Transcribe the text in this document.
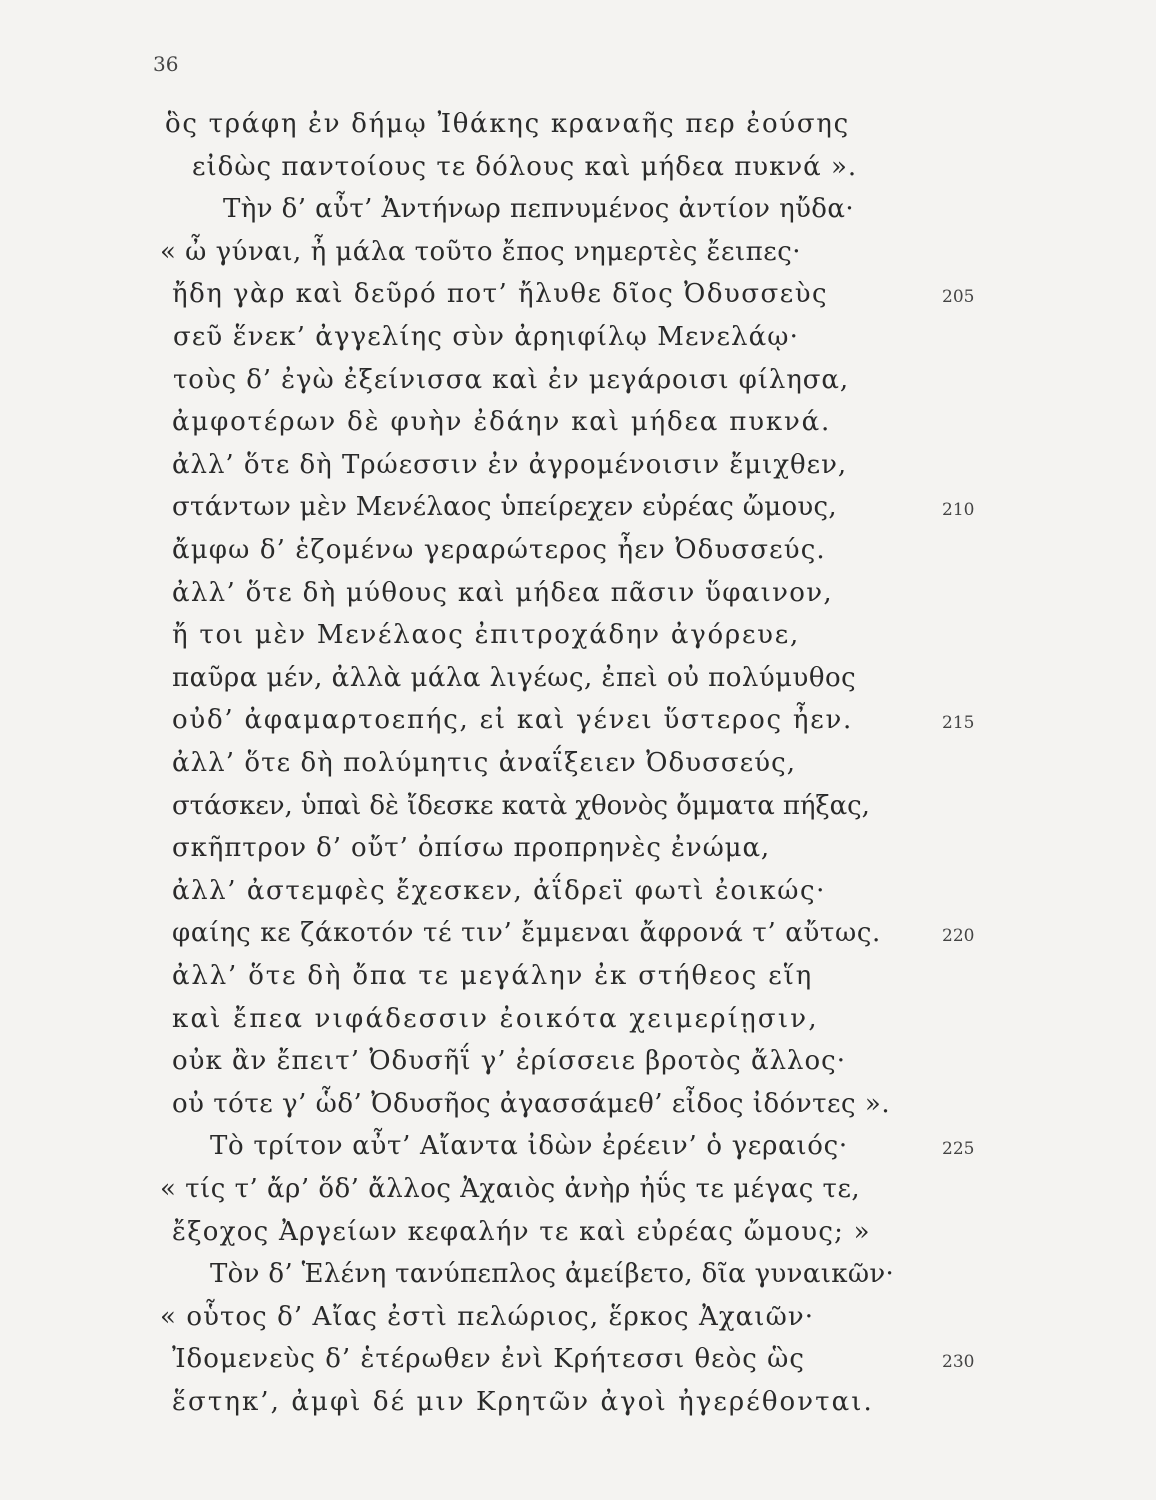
36
ὃς τράφη ἐν δήμῳ Ἰθάκης κραναῆς περ ἐούσης
εἰδὼς παντοίους τε δόλους καὶ μήδεα πυκνά ».
Τὴν δ’ αὖτ’ Ἀντήνωρ πεπνυμένος ἀντίον ηὔδα·
« ὦ γύναι, ἦ μάλα τοῦτο ἔπος νημερτὲς ἔειπες·
ἤδη γὰρ καὶ δεῦρό ποτ’ ἤλυθε δῖος Ὀδυσσεὺς	205
σεῦ ἕνεκ’ ἀγγελίης σὺν ἀρηιφίλῳ Μενελάῳ·
τοὺς δ’ ἐγὼ ἐξείνισσα καὶ ἐν μεγάροισι φίλησα,
ἀμφοτέρων δὲ φυὴν ἐδάην καὶ μήδεα πυκνά.
ἀλλ’ ὅτε δὴ Τρώεσσιν ἐν ἀγρομένοισιν ἔμιχθεν,
στάντων μὲν Μενέλαος ὑπείρεχεν εὐρέας ὤμους,	210
ἄμφω δ’ ἑζομένω γεραρώτερος ἦεν Ὀδυσσεύς.
ἀλλ’ ὅτε δὴ μύθους καὶ μήδεα πᾶσιν ὕφαινον,
ἤ τοι μὲν Μενέλαος ἐπιτροχάδην ἀγόρευε,
παῦρα μέν, ἀλλὰ μάλα λιγέως, ἐπεὶ οὐ πολύμυθος
οὐδ’ ἀφαμαρτοεπής, εἰ καὶ γένει ὕστερος ἦεν.	215
ἀλλ’ ὅτε δὴ πολύμητις ἀναΐξειεν Ὀδυσσεύς,
στάσκεν, ὑπαὶ δὲ ἴδεσκε κατὰ χθονὸς ὄμματα πήξας,
σκῆπτρον δ’ οὔτ’ ὀπίσω προπρηνὲς ἐνώμα,
ἀλλ’ ἀστεμφὲς ἔχεσκεν, ἀΐδρεϊ φωτὶ ἐοικώς·
φαίης κε ζάκοτόν τέ τιν’ ἔμμεναι ἄφρονά τ’ αὔτως.	220
ἀλλ’ ὅτε δὴ ὄπα τε μεγάλην ἐκ στήθεος εἵη
καὶ ἔπεα νιφάδεσσιν ἐοικότα χειμερίῃσιν,
οὐκ ἂν ἔπειτ’ Ὀδυσῆΐ γ’ ἐρίσσειε βροτὸς ἄλλος·
οὐ τότε γ’ ὧδ’ Ὀδυσῆος ἀγασσάμεθ’ εἶδος ἰδόντες ».
Τὸ τρίτον αὖτ’ Αἴαντα ἰδὼν ἐρέειν’ ὁ γεραιός·	225
« τίς τ’ ἄρ’ ὅδ’ ἄλλος Ἀχαιὸς ἀνὴρ ἠΰς τε μέγας τε,
ἔξοχος Ἀργείων κεφαλήν τε καὶ εὐρέας ὤμους; »
Τὸν δ’ Ἑλένη τανύπεπλος ἀμείβετο, δῖα γυναικῶν·
« οὗτος δ’ Αἴας ἐστὶ πελώριος, ἕρκος Ἀχαιῶν·
Ἰδομενεὺς δ’ ἑτέρωθεν ἐνὶ Κρήτεσσι θεὸς ὣς	230
ἕστηκ’, ἀμφὶ δέ μιν Κρητῶν ἀγοὶ ἠγερέθονται.
